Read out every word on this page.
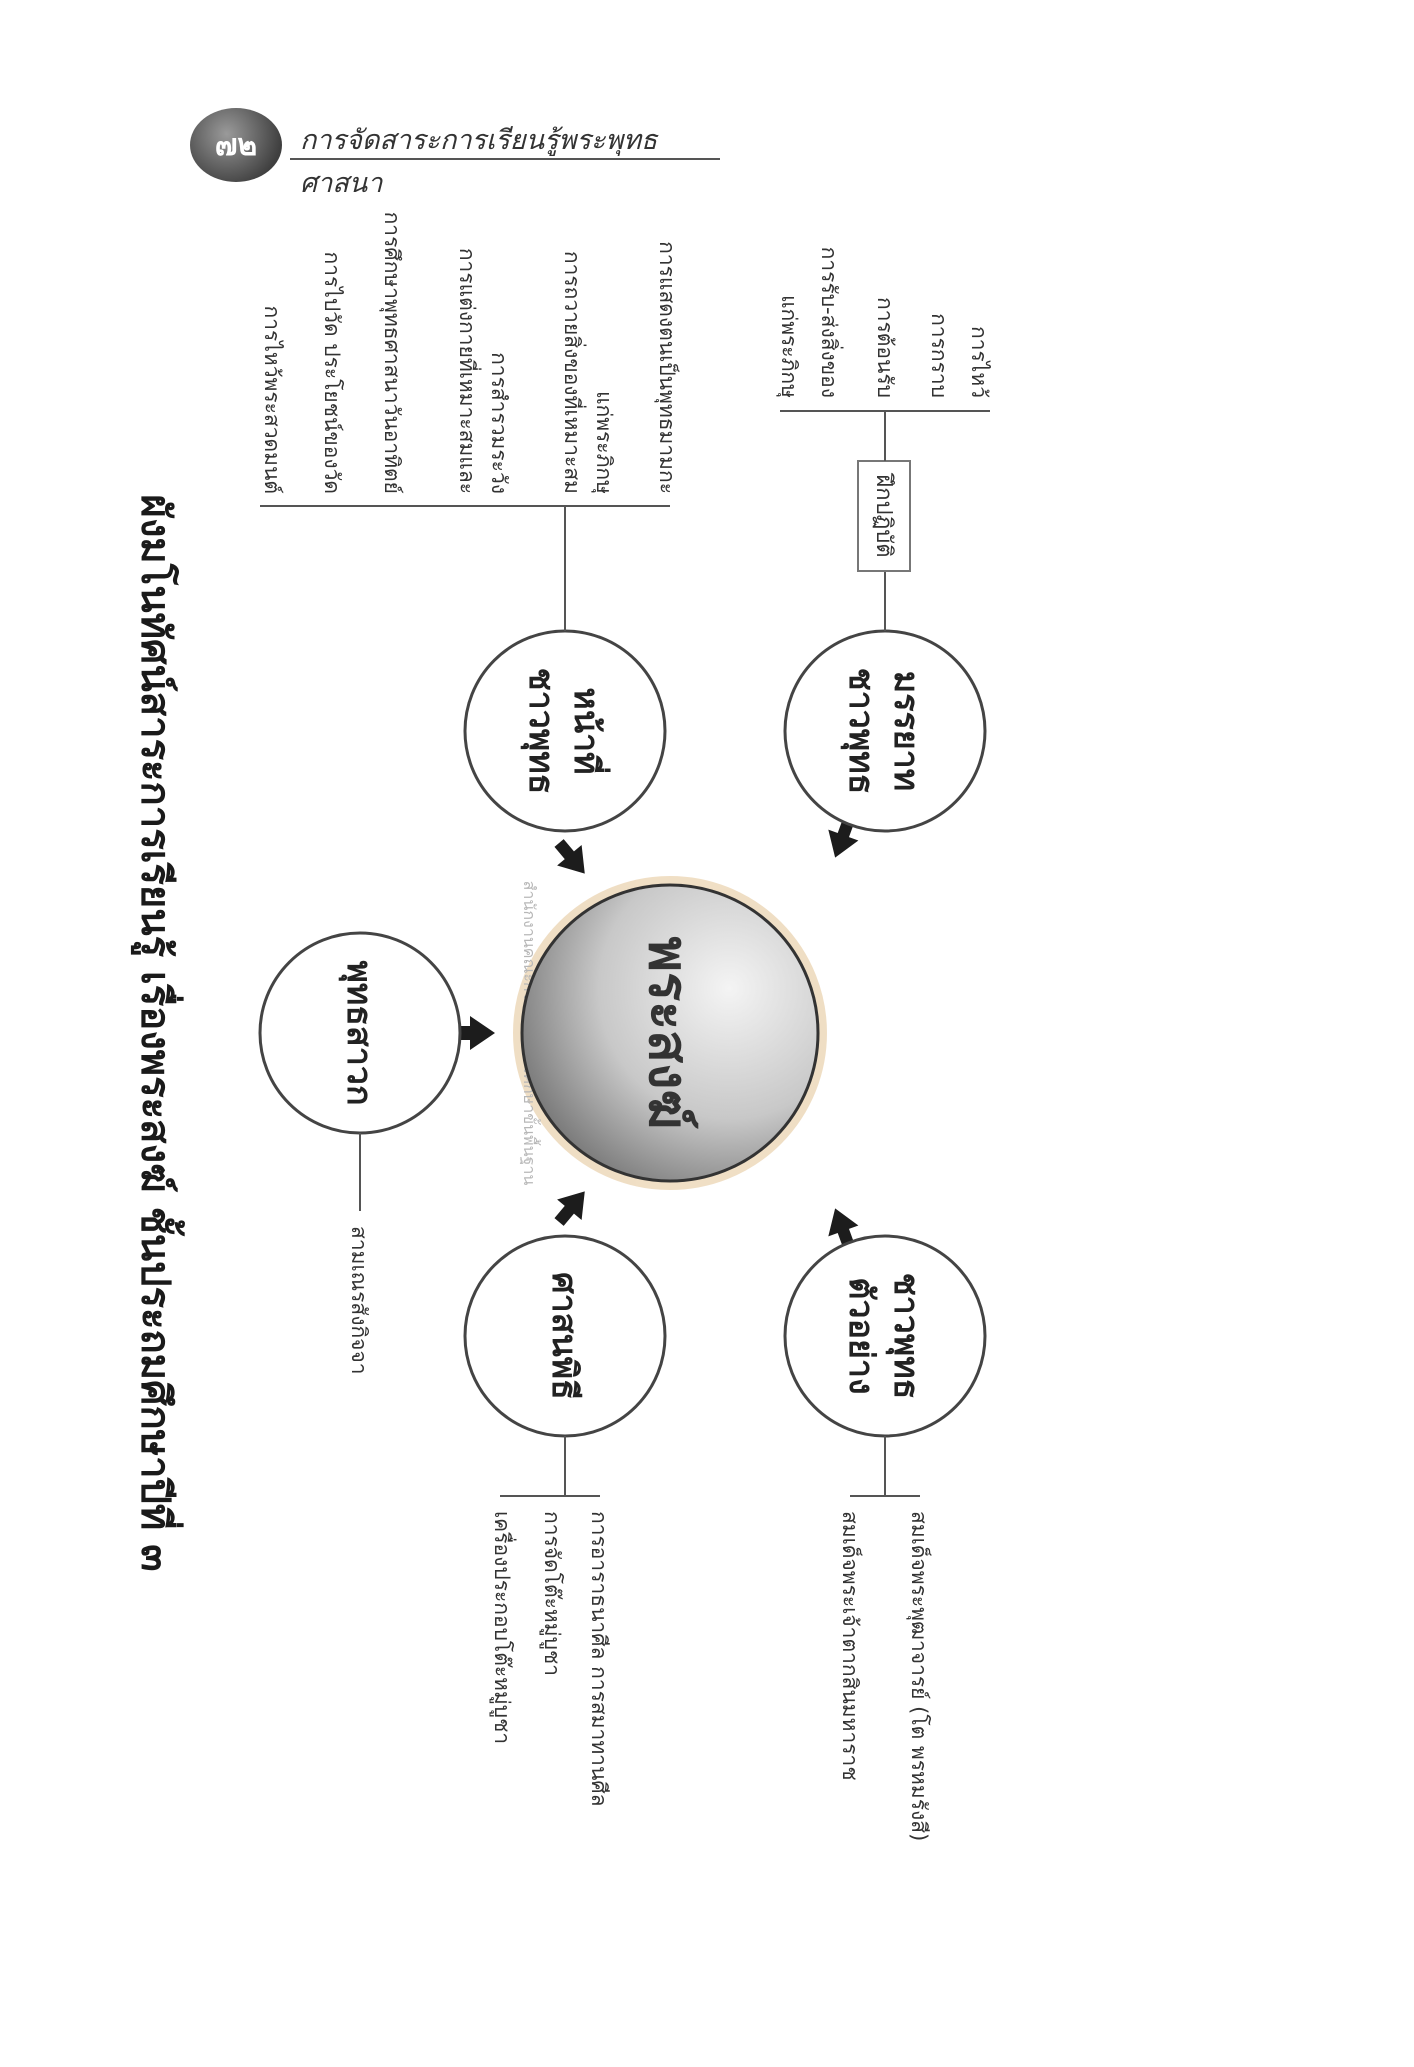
๗๒	การจัดสาระการเรียนรู้พระพุทธศาสนา
ผังมโนทัศน์สาระการเรียนรู้ เรื่องพระสงฆ์ ชั้นประถมศึกษาปีที่ ๓	พระสงฆ์
พุทธสาวก
สามเณรสังกิจจา	ศาสนพิธี
การอาราธนาศีล การสมาทานศีล
การจัดโต๊ะหมู่บูชา
เครื่องประกอบโต๊ะหมู่บูชา
ชาวพุทธ
ตัวอย่าง
สมเด็จพระพุฒาจารย์ (โต พรหมรังสี)
สมเด็จพระเจ้าตากสินมหาราช
มรรยาท
ชาวพุทธ
ฝึกปฏิบัติ
การไหว้
การกราบ
การต้อนรับ
การรับ-ส่งสิ่งของ
แก่พระภิกษุ
หน้าที่
ชาวพุทธ
การไหว้พระสวดมนต์ การไปวัด ประโยชน์ของวัด การศึกษาพุทธศาสนาวันอาทิตย์ การแต่งกายที่เหมาะสมและ การสำรวมระวัง การถวายสิ่งของที่เหมาะสม แก่พระภิกษุ การแสดงตนเป็นพุทธมามกะ
